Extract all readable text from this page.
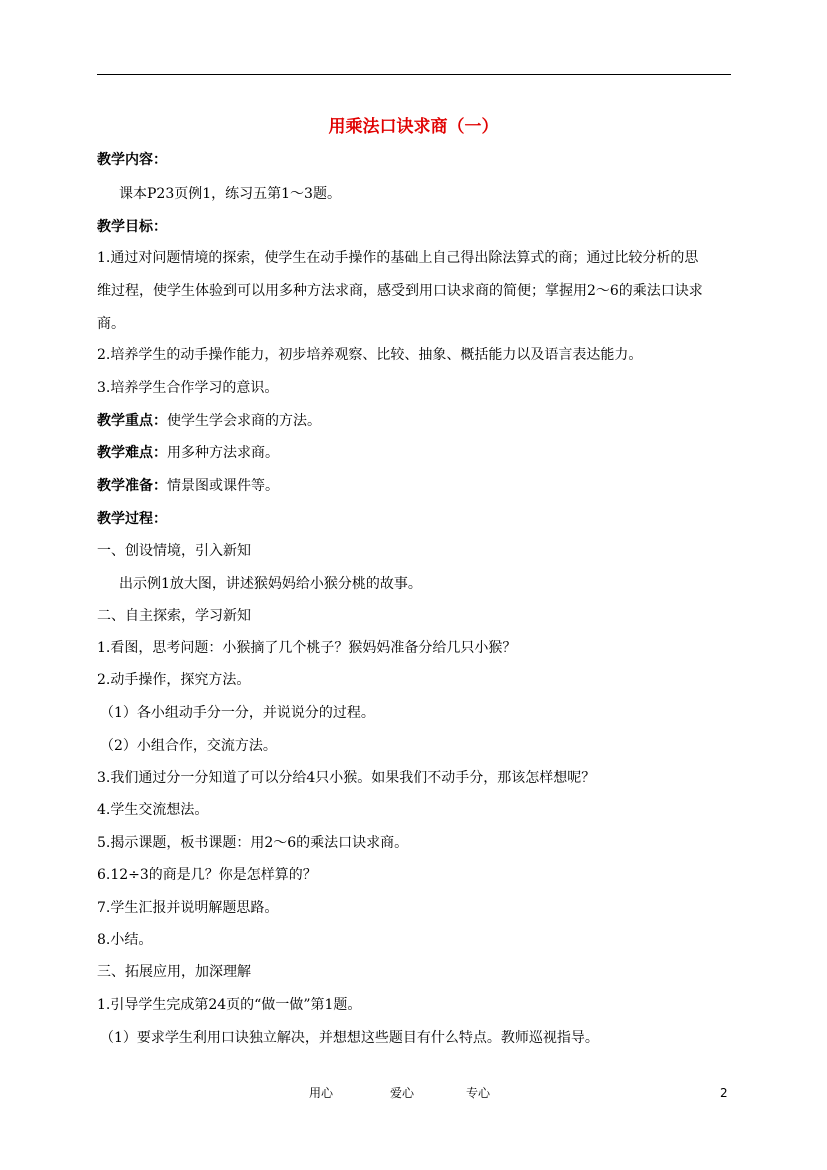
用乘法口诀求商（一）
教学内容：
课本P23页例1，练习五第1～3题。
教学目标：
1.通过对问题情境的探索，使学生在动手操作的基础上自己得出除法算式的商；通过比较分析的思
维过程，使学生体验到可以用多种方法求商，感受到用口诀求商的简便；掌握用2～6的乘法口诀求
商。
2.培养学生的动手操作能力，初步培养观察、比较、抽象、概括能力以及语言表达能力。
3.培养学生合作学习的意识。
教学重点：使学生学会求商的方法。
教学难点：用多种方法求商。
教学准备：情景图或课件等。
教学过程：
一、创设情境，引入新知
出示例1放大图，讲述猴妈妈给小猴分桃的故事。
二、自主探索，学习新知
1.看图，思考问题：小猴摘了几个桃子？猴妈妈准备分给几只小猴？
2.动手操作，探究方法。
（1）各小组动手分一分，并说说分的过程。
（2）小组合作，交流方法。
3.我们通过分一分知道了可以分给4只小猴。如果我们不动手分，那该怎样想呢？
4.学生交流想法。
5.揭示课题，板书课题：用2～6的乘法口诀求商。
6.12÷3的商是几？你是怎样算的？
7.学生汇报并说明解题思路。
8.小结。
三、拓展应用，加深理解
1.引导学生完成第24页的“做一做”第1题。
（1）要求学生利用口诀独立解决，并想想这些题目有什么特点。教师巡视指导。
用心	爱心	专心	2
